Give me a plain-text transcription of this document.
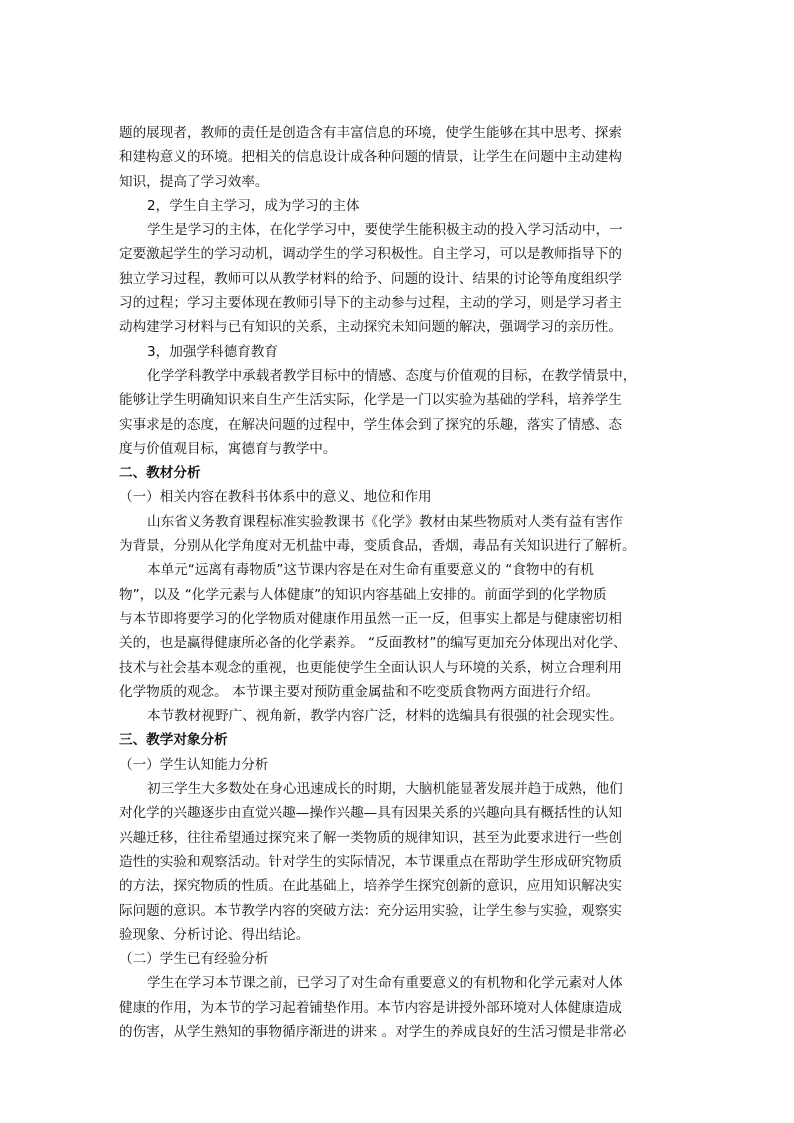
题的展现者，教师的责任是创造含有丰富信息的环境，使学生能够在其中思考、探索
和建构意义的环境。把相关的信息设计成各种问题的情景，让学生在问题中主动建构
知识，提高了学习效率。
2，学生自主学习，成为学习的主体
学生是学习的主体，在化学学习中，要使学生能积极主动的投入学习活动中，一
定要激起学生的学习动机，调动学生的学习积极性。自主学习，可以是教师指导下的
独立学习过程，教师可以从教学材料的给予、问题的设计、结果的讨论等角度组织学
习的过程；学习主要体现在教师引导下的主动参与过程，主动的学习，则是学习者主
动构建学习材料与已有知识的关系，主动探究未知问题的解决，强调学习的亲历性。
3，加强学科德育教育
化学学科教学中承载者教学目标中的情感、态度与价值观的目标，在教学情景中，
能够让学生明确知识来自生产生活实际，化学是一门以实验为基础的学科，培养学生
实事求是的态度，在解决问题的过程中，学生体会到了探究的乐趣，落实了情感、态
度与价值观目标，寓德育与教学中。
二、教材分析
（一）相关内容在教科书体系中的意义、地位和作用
山东省义务教育课程标准实验教课书《化学》教材由某些物质对人类有益有害作
为背景，分别从化学角度对无机盐中毒，变质食品，香烟，毒品有关知识进行了解析。
本单元“远离有毒物质”这节课内容是在对生命有重要意义的 “食物中的有机
物”，以及 “化学元素与人体健康”的知识内容基础上安排的。前面学到的化学物质
与本节即将要学习的化学物质对健康作用虽然一正一反，但事实上都是与健康密切相
关的，也是赢得健康所必备的化学素养。 “反面教材”的编写更加充分体现出对化学、
技术与社会基本观念的重视，也更能使学生全面认识人与环境的关系，树立合理利用
化学物质的观念。 本节课主要对预防重金属盐和不吃变质食物两方面进行介绍。
本节教材视野广、视角新，教学内容广泛，材料的选编具有很强的社会现实性。
三、教学对象分析
（一）学生认知能力分析
初三学生大多数处在身心迅速成长的时期，大脑机能显著发展并趋于成熟，他们
对化学的兴趣逐步由直觉兴趣—操作兴趣—具有因果关系的兴趣向具有概括性的认知
兴趣迁移，往往希望通过探究来了解一类物质的规律知识，甚至为此要求进行一些创
造性的实验和观察活动。针对学生的实际情况，本节课重点在帮助学生形成研究物质
的方法，探究物质的性质。在此基础上，培养学生探究创新的意识，应用知识解决实
际问题的意识。本节教学内容的突破方法：充分运用实验，让学生参与实验，观察实
验现象、分析讨论、得出结论。
（二）学生已有经验分析
学生在学习本节课之前，已学习了对生命有重要意义的有机物和化学元素对人体
健康的作用，为本节的学习起着铺垫作用。本节内容是讲授外部环境对人体健康造成
的伤害，从学生熟知的事物循序渐进的讲来 。对学生的养成良好的生活习惯是非常必
